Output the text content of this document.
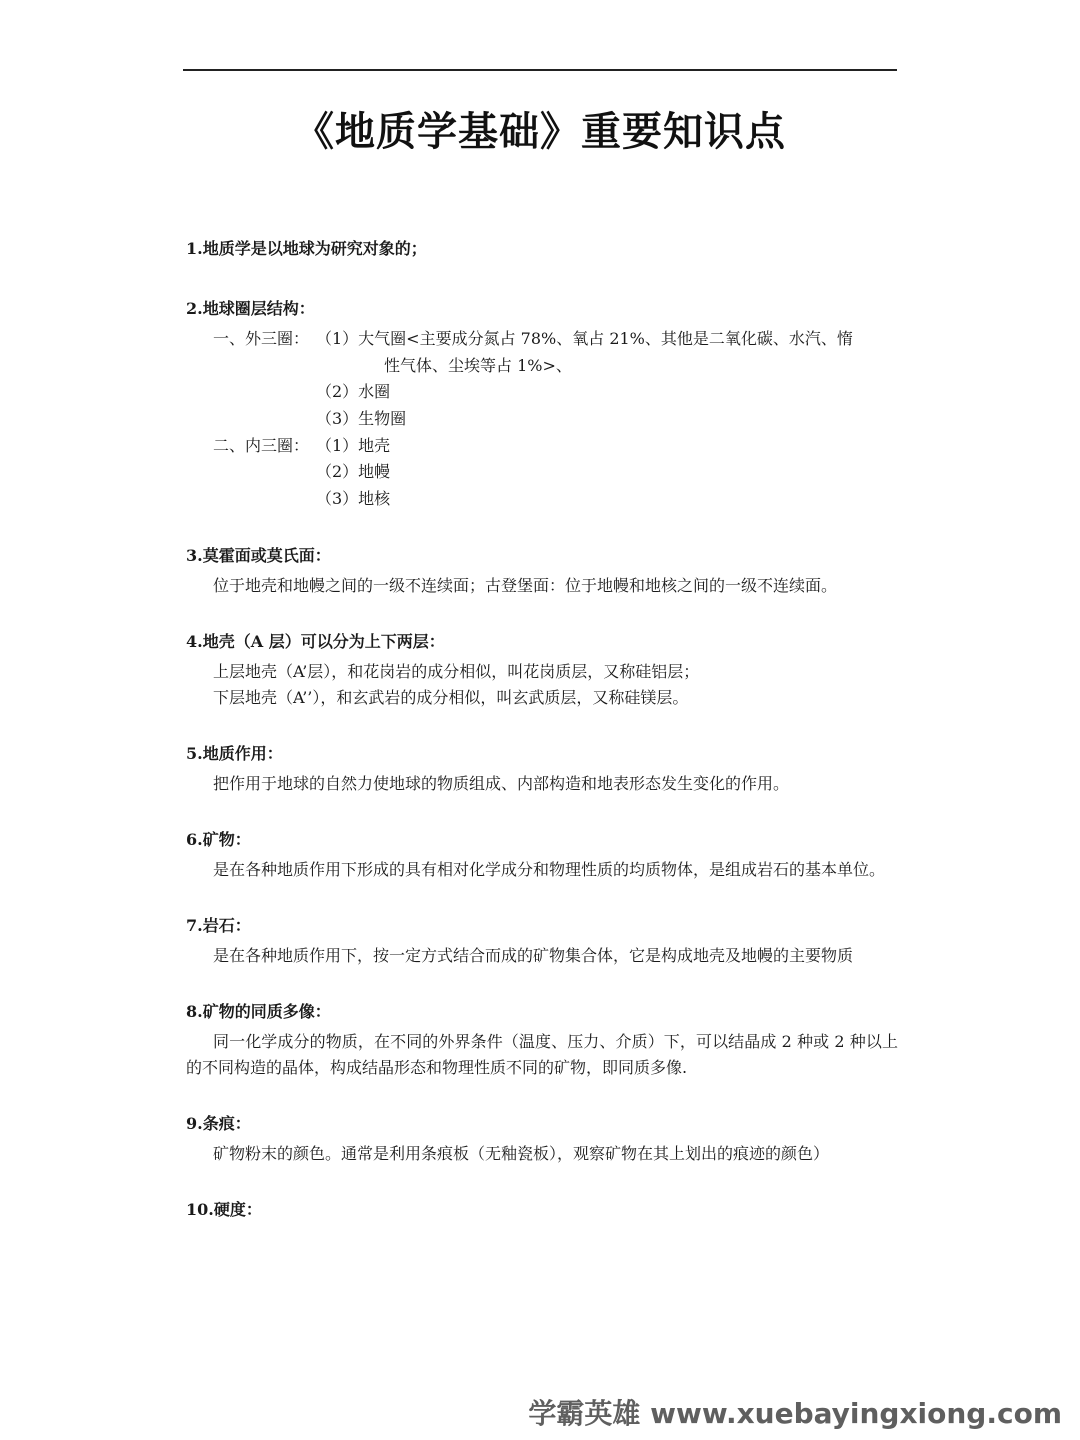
《地质学基础》重要知识点
1.地质学是以地球为研究对象的；
2.地球圈层结构：
一、外三圈： （1）大气圈<主要成分氮占 78%、氧占 21%、其他是二氧化碳、水汽、惰
性气体、尘埃等占 1%>、
（2）水圈
（3）生物圈
二、内三圈： （1）地壳
（2）地幔
（3）地核
3.莫霍面或莫氏面：
位于地壳和地幔之间的一级不连续面；古登堡面：位于地幔和地核之间的一级不连续面。
4.地壳（A 层）可以分为上下两层：
上层地壳（A’层），和花岗岩的成分相似，叫花岗质层，又称硅铝层；
下层地壳（A’’），和玄武岩的成分相似，叫玄武质层，又称硅镁层。
5.地质作用：
把作用于地球的自然力使地球的物质组成、内部构造和地表形态发生变化的作用。
6.矿物：
是在各种地质作用下形成的具有相对化学成分和物理性质的均质物体，是组成岩石的基本单位。
7.岩石：
是在各种地质作用下，按一定方式结合而成的矿物集合体，它是构成地壳及地幔的主要物质
8.矿物的同质多像：
同一化学成分的物质，在不同的外界条件（温度、压力、介质）下，可以结晶成 2 种或 2 种以上的不同构造的晶体，构成结晶形态和物理性质不同的矿物，即同质多像.
9.条痕：
矿物粉末的颜色。通常是利用条痕板（无釉瓷板），观察矿物在其上划出的痕迹的颜色）
10.硬度：
学霸英雄 www.xuebayingxiong.com
